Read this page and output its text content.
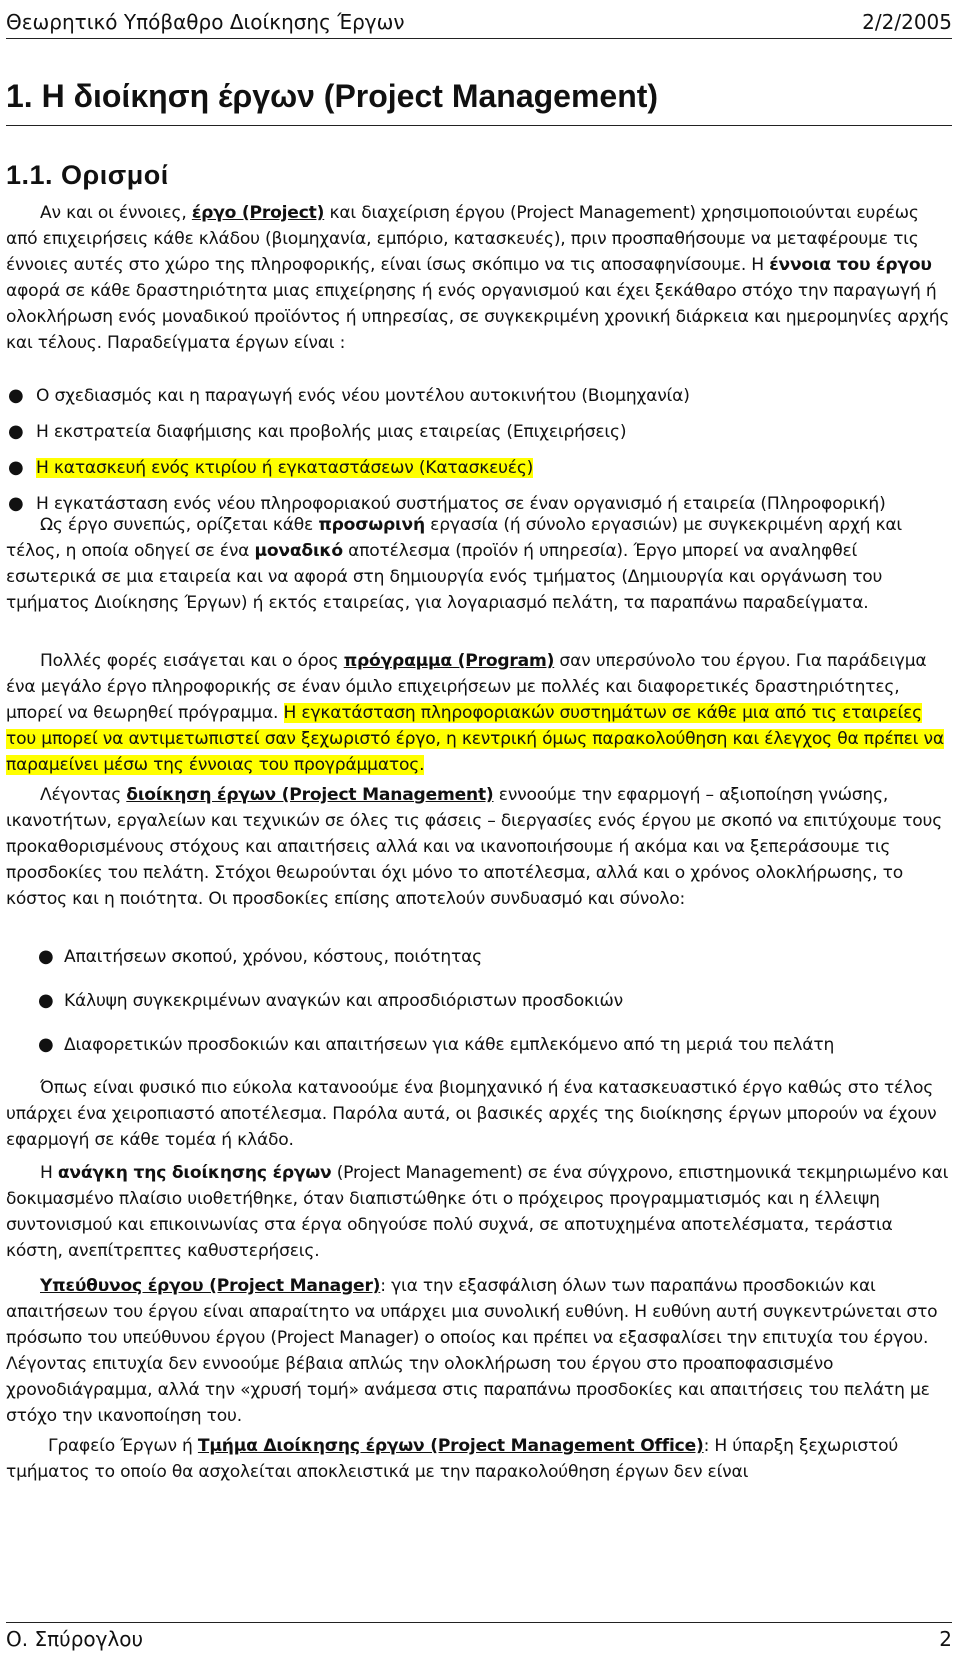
Θεωρητικό Υπόβαθρο Διοίκησης Έργων	2/2/2005
1. Η διοίκηση έργων (Project Management)
1.1. Ορισμοί

Αν και οι έννοιες, έργο (Project) και διαχείριση έργου (Project Management) χρησιμοποιούνται ευρέως από επιχειρήσεις κάθε κλάδου (βιομηχανία, εμπόριο, κατασκευές), πριν προσπαθήσουμε να μεταφέρουμε τις έννοιες αυτές στο χώρο της πληροφορικής, είναι ίσως σκόπιμο να τις αποσαφηνίσουμε. Η έννοια του έργου αφορά σε κάθε δραστηριότητα μιας επιχείρησης ή ενός οργανισμού και έχει ξεκάθαρο στόχο την παραγωγή ή ολοκλήρωση ενός μοναδικού προϊόντος ή υπηρεσίας, σε συγκεκριμένη χρονική διάρκεια και ημερομηνίες αρχής και τέλους. Παραδείγματα έργων είναι :

● Ο σχεδιασμός και η παραγωγή ενός νέου μοντέλου αυτοκινήτου (Βιομηχανία)
● Η εκστρατεία διαφήμισης και προβολής μιας εταιρείας (Επιχειρήσεις)
● Η κατασκευή ενός κτιρίου ή εγκαταστάσεων (Κατασκευές)
● Η εγκατάσταση ενός νέου πληροφοριακού συστήματος σε έναν οργανισμό ή εταιρεία (Πληροφορική)

Ως έργο συνεπώς, ορίζεται κάθε προσωρινή εργασία (ή σύνολο εργασιών) με συγκεκριμένη αρχή και τέλος, η οποία οδηγεί σε ένα μοναδικό αποτέλεσμα (προϊόν ή υπηρεσία). Έργο μπορεί να αναληφθεί εσωτερικά σε μια εταιρεία και να αφορά στη δημιουργία ενός τμήματος (Δημιουργία και οργάνωση του τμήματος Διοίκησης Έργων) ή εκτός εταιρείας, για λογαριασμό πελάτη, τα παραπάνω παραδείγματα.

Πολλές φορές εισάγεται και ο όρος πρόγραμμα (Program) σαν υπερσύνολο του έργου. Για παράδειγμα ένα μεγάλο έργο πληροφορικής σε έναν όμιλο επιχειρήσεων με πολλές και διαφορετικές δραστηριότητες, μπορεί να θεωρηθεί πρόγραμμα. Η εγκατάσταση πληροφοριακών συστημάτων σε κάθε μια από τις εταιρείες του μπορεί να αντιμετωπιστεί σαν ξεχωριστό έργο, η κεντρική όμως παρακολούθηση και έλεγχος θα πρέπει να παραμείνει μέσω της έννοιας του προγράμματος.

Λέγοντας διοίκηση έργων (Project Management) εννοούμε την εφαρμογή – αξιοποίηση γνώσης, ικανοτήτων, εργαλείων και τεχνικών σε όλες τις φάσεις – διεργασίες ενός έργου με σκοπό να επιτύχουμε τους προκαθορισμένους στόχους και απαιτήσεις αλλά και να ικανοποιήσουμε ή ακόμα και να ξεπεράσουμε τις προσδοκίες του πελάτη. Στόχοι θεωρούνται όχι μόνο το αποτέλεσμα, αλλά και ο χρόνος ολοκλήρωσης, το κόστος και η ποιότητα. Οι προσδοκίες επίσης αποτελούν συνδυασμό και σύνολο:

● Απαιτήσεων σκοπού, χρόνου, κόστους, ποιότητας
● Κάλυψη συγκεκριμένων αναγκών και απροσδιόριστων προσδοκιών
● Διαφορετικών προσδοκιών και απαιτήσεων για κάθε εμπλεκόμενο από τη μεριά του πελάτη

Όπως είναι φυσικό πιο εύκολα κατανοούμε ένα βιομηχανικό ή ένα κατασκευαστικό έργο καθώς στο τέλος υπάρχει ένα χειροπιαστό αποτέλεσμα. Παρόλα αυτά, οι βασικές αρχές της διοίκησης έργων μπορούν να έχουν εφαρμογή σε κάθε τομέα ή κλάδο.

Η ανάγκη της διοίκησης έργων (Project Management) σε ένα σύγχρονο, επιστημονικά τεκμηριωμένο και δοκιμασμένο πλαίσιο υιοθετήθηκε, όταν διαπιστώθηκε ότι ο πρόχειρος προγραμματισμός και η έλλειψη συντονισμού και επικοινωνίας στα έργα οδηγούσε πολύ συχνά, σε αποτυχημένα αποτελέσματα, τεράστια κόστη, ανεπίτρεπτες καθυστερήσεις.

Υπεύθυνος έργου (Project Manager): για την εξασφάλιση όλων των παραπάνω προσδοκιών και απαιτήσεων του έργου είναι απαραίτητο να υπάρχει μια συνολική ευθύνη. Η ευθύνη αυτή συγκεντρώνεται στο πρόσωπο του υπεύθυνου έργου (Project Manager) ο οποίος και πρέπει να εξασφαλίσει την επιτυχία του έργου. Λέγοντας επιτυχία δεν εννοούμε βέβαια απλώς την ολοκλήρωση του έργου στο προαποφασισμένο χρονοδιάγραμμα, αλλά την «χρυσή τομή» ανάμεσα στις παραπάνω προσδοκίες και απαιτήσεις του πελάτη με στόχο την ικανοποίηση του.

Γραφείο Έργων ή Τμήμα Διοίκησης έργων (Project Management Office): Η ύπαρξη ξεχωριστού τμήματος το οποίο θα ασχολείται αποκλειστικά με την παρακολούθηση έργων δεν είναι

Ο. Σπύρογλου	2
